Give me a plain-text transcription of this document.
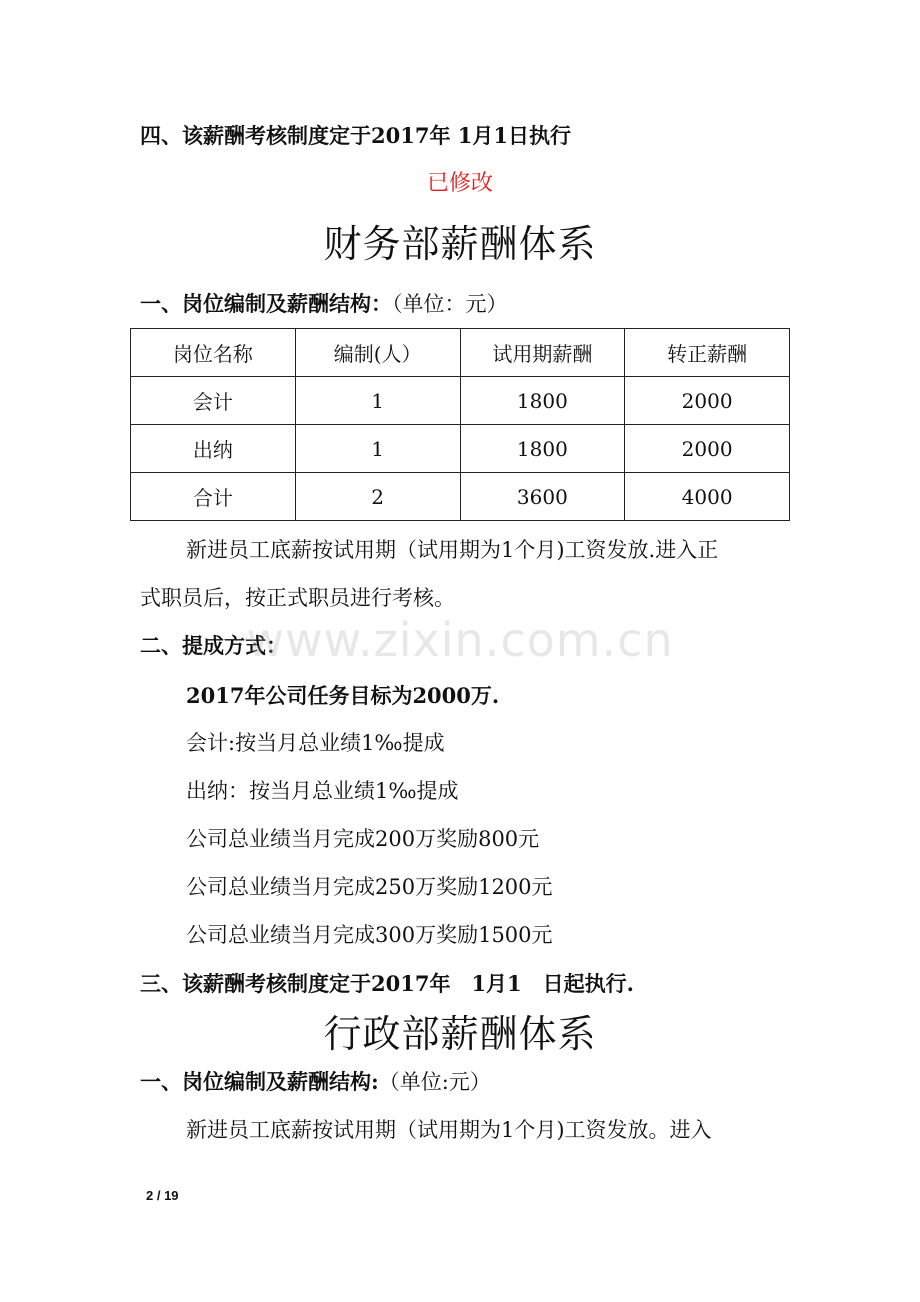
四、该薪酬考核制度定于2017年 1月1日执行
已修改
财务部薪酬体系
一、岗位编制及薪酬结构：（单位：元）
岗位名称	编制(人）	试用期薪酬	转正薪酬
会计	1	1800	2000
出纳	1	1800	2000
合计	2	3600	4000
新进员工底薪按试用期（试用期为1个月)工资发放.进入正
式职员后，按正式职员进行考核。
二、提成方式：
2017年公司任务目标为2000万.
会计:按当月总业绩1‰提成
出纳：按当月总业绩1‰提成
公司总业绩当月完成200万奖励800元
公司总业绩当月完成250万奖励1200元
公司总业绩当月完成300万奖励1500元
三、该薪酬考核制度定于2017年　1月1　日起执行.
行政部薪酬体系
一、岗位编制及薪酬结构:（单位:元）
新进员工底薪按试用期（试用期为1个月)工资发放。进入
www.zixin.com.cn
2 / 19
